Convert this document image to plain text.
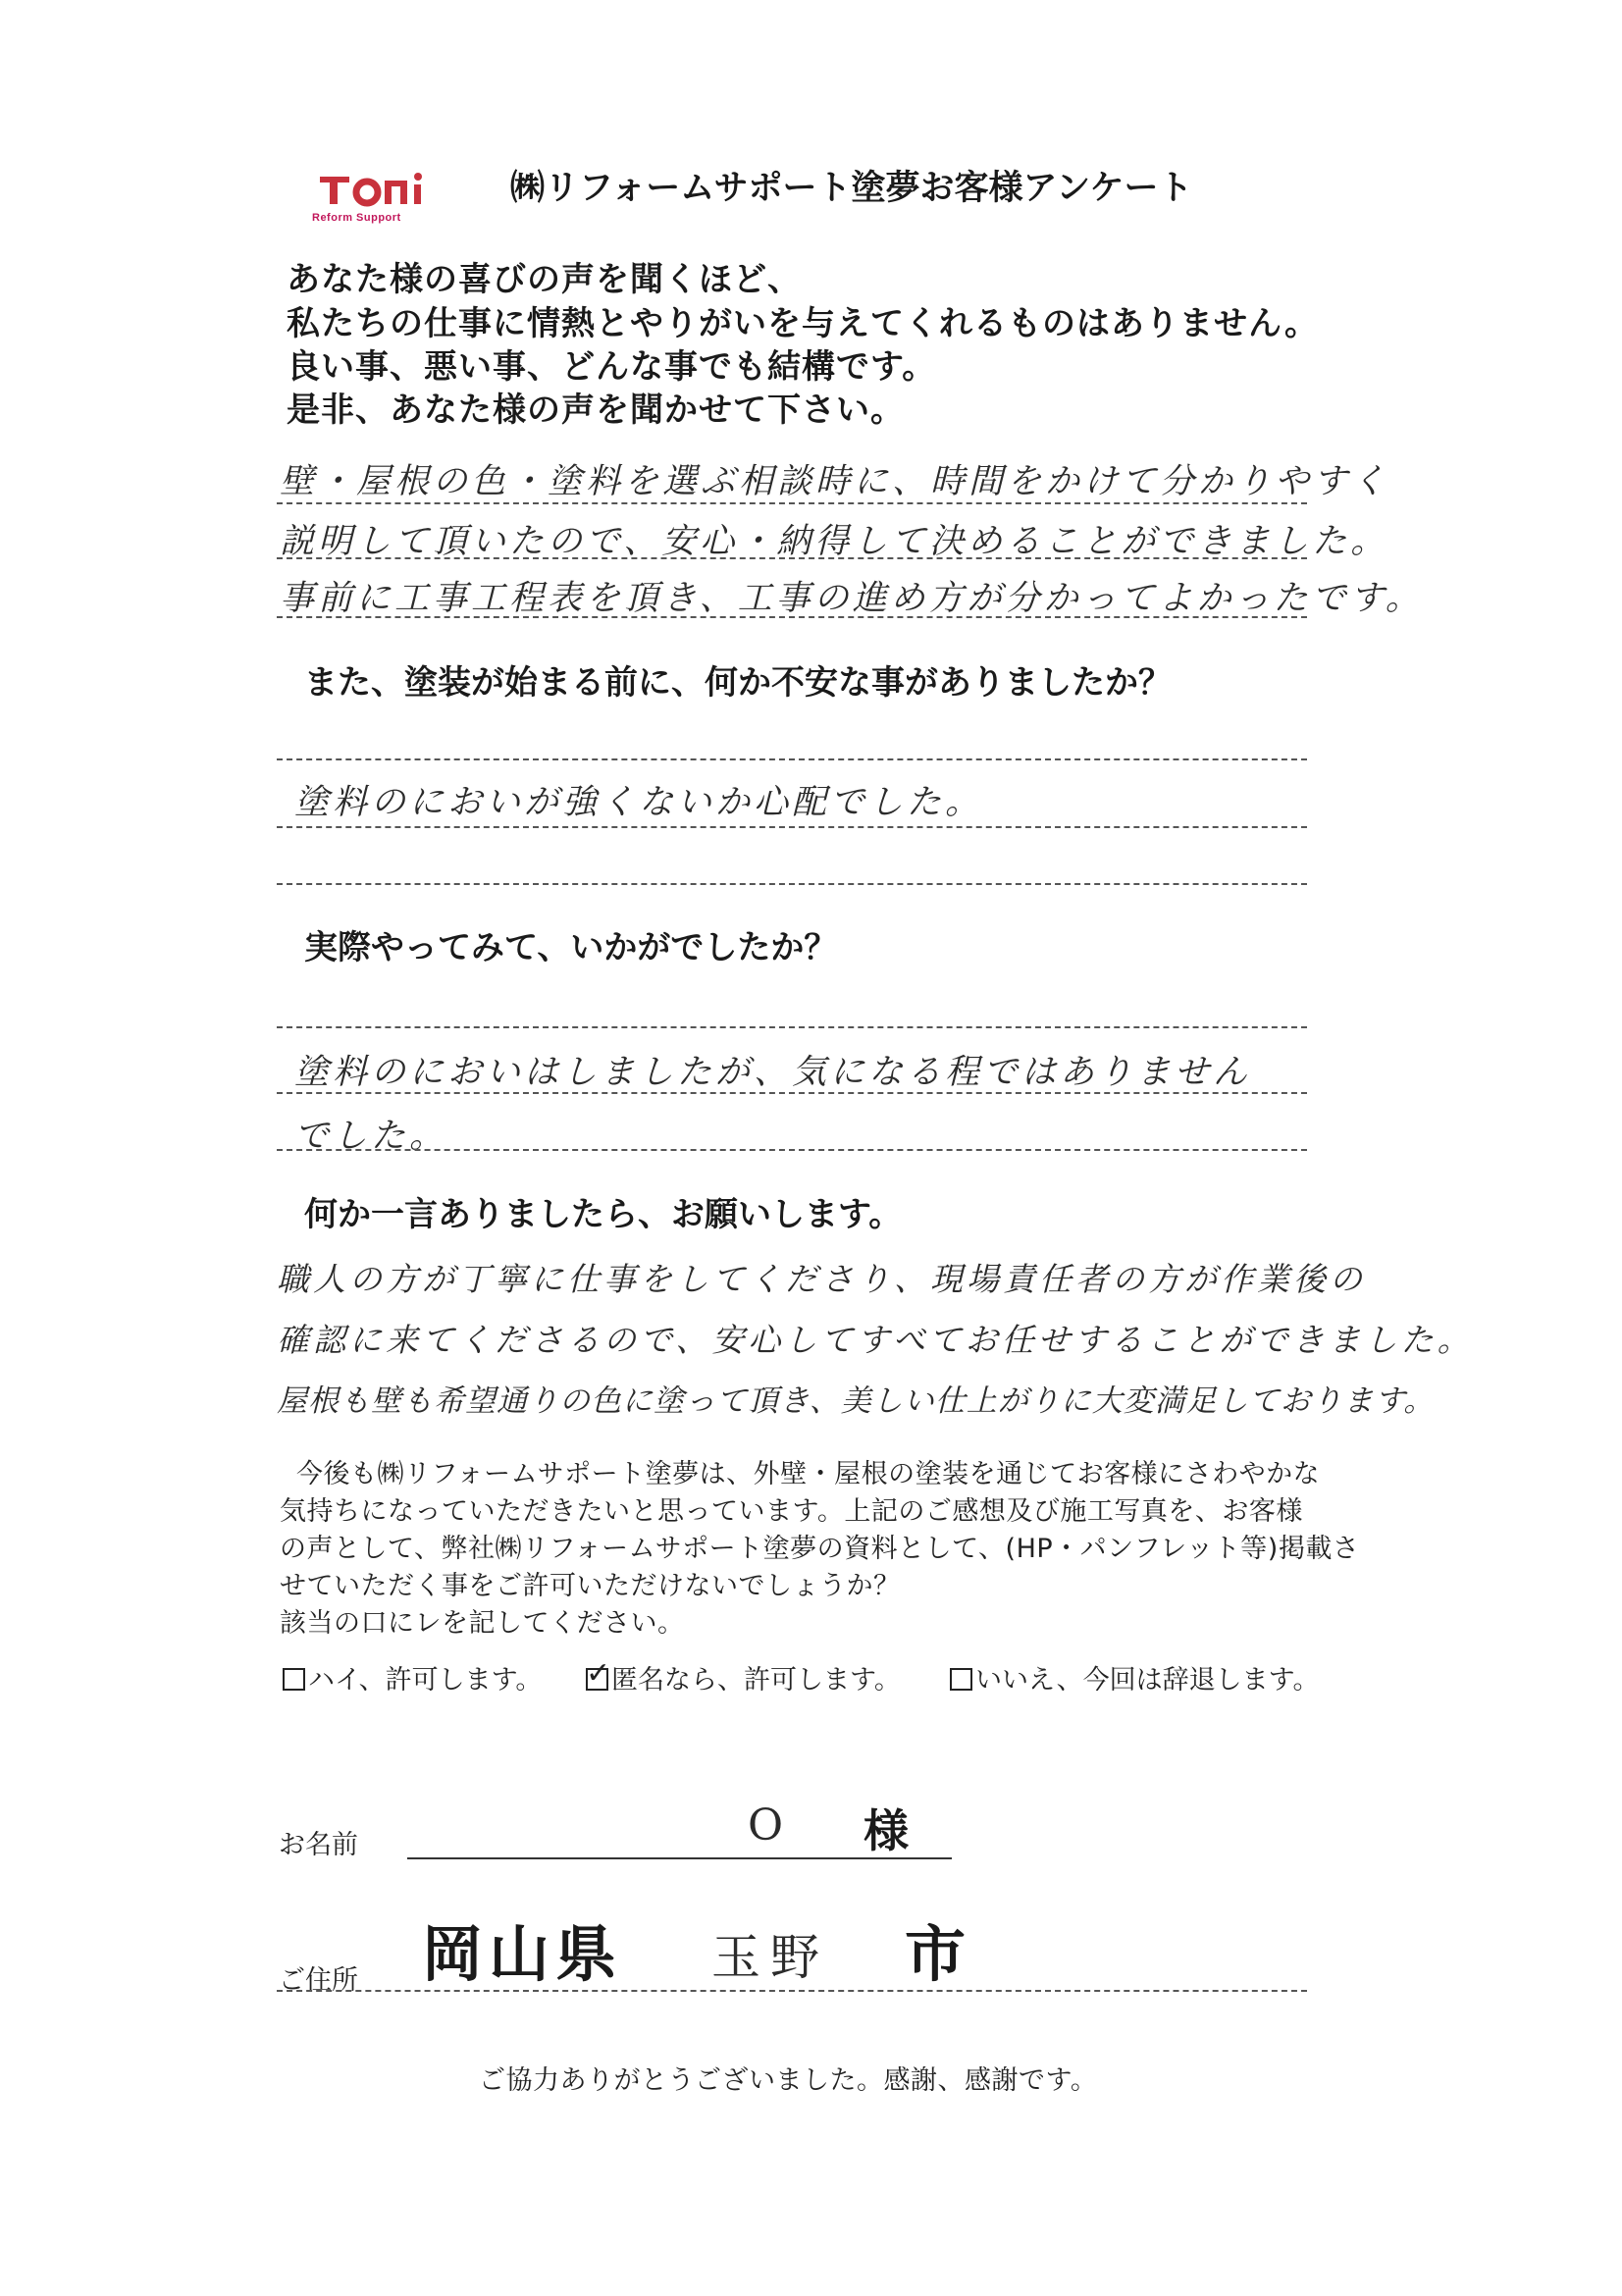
Reform Support
㈱リフォームサポート塗夢お客様アンケート
あなた様の喜びの声を聞くほど、
私たちの仕事に情熱とやりがいを与えてくれるものはありません。
良い事、悪い事、どんな事でも結構です。
是非、あなた様の声を聞かせて下さい。
壁・屋根の色・塗料を選ぶ相談時に、時間をかけて分かりやすく
説明して頂いたので、安心・納得して決めることができました。
事前に工事工程表を頂き、工事の進め方が分かってよかったです。
また、塗装が始まる前に、何か不安な事がありましたか？
塗料のにおいが強くないか心配でした。
実際やってみて、いかがでしたか？
塗料のにおいはしましたが、気になる程ではありません
でした。
何か一言ありましたら、お願いします。
職人の方が丁寧に仕事をしてくださり、現場責任者の方が作業後の
確認に来てくださるので、安心してすべてお任せすることができました。
屋根も壁も希望通りの色に塗って頂き、美しい仕上がりに大変満足しております。
今後も㈱リフォームサポート塗夢は、外壁・屋根の塗装を通じてお客様にさわやかな
気持ちになっていただきたいと思っています。上記のご感想及び施工写真を、お客様
の声として、弊社㈱リフォームサポート塗夢の資料として、(HP・パンフレット等)掲載さ
せていただく事をご許可いただけないでしょうか？
該当の口にレを記してください。
ハイ、許可します。 ✓ 匿名なら、許可します。	いいえ、今回は辞退します。
お名前	O 様
ご住所 岡山県 玉野 市
ご協力ありがとうございました。感謝、感謝です。
